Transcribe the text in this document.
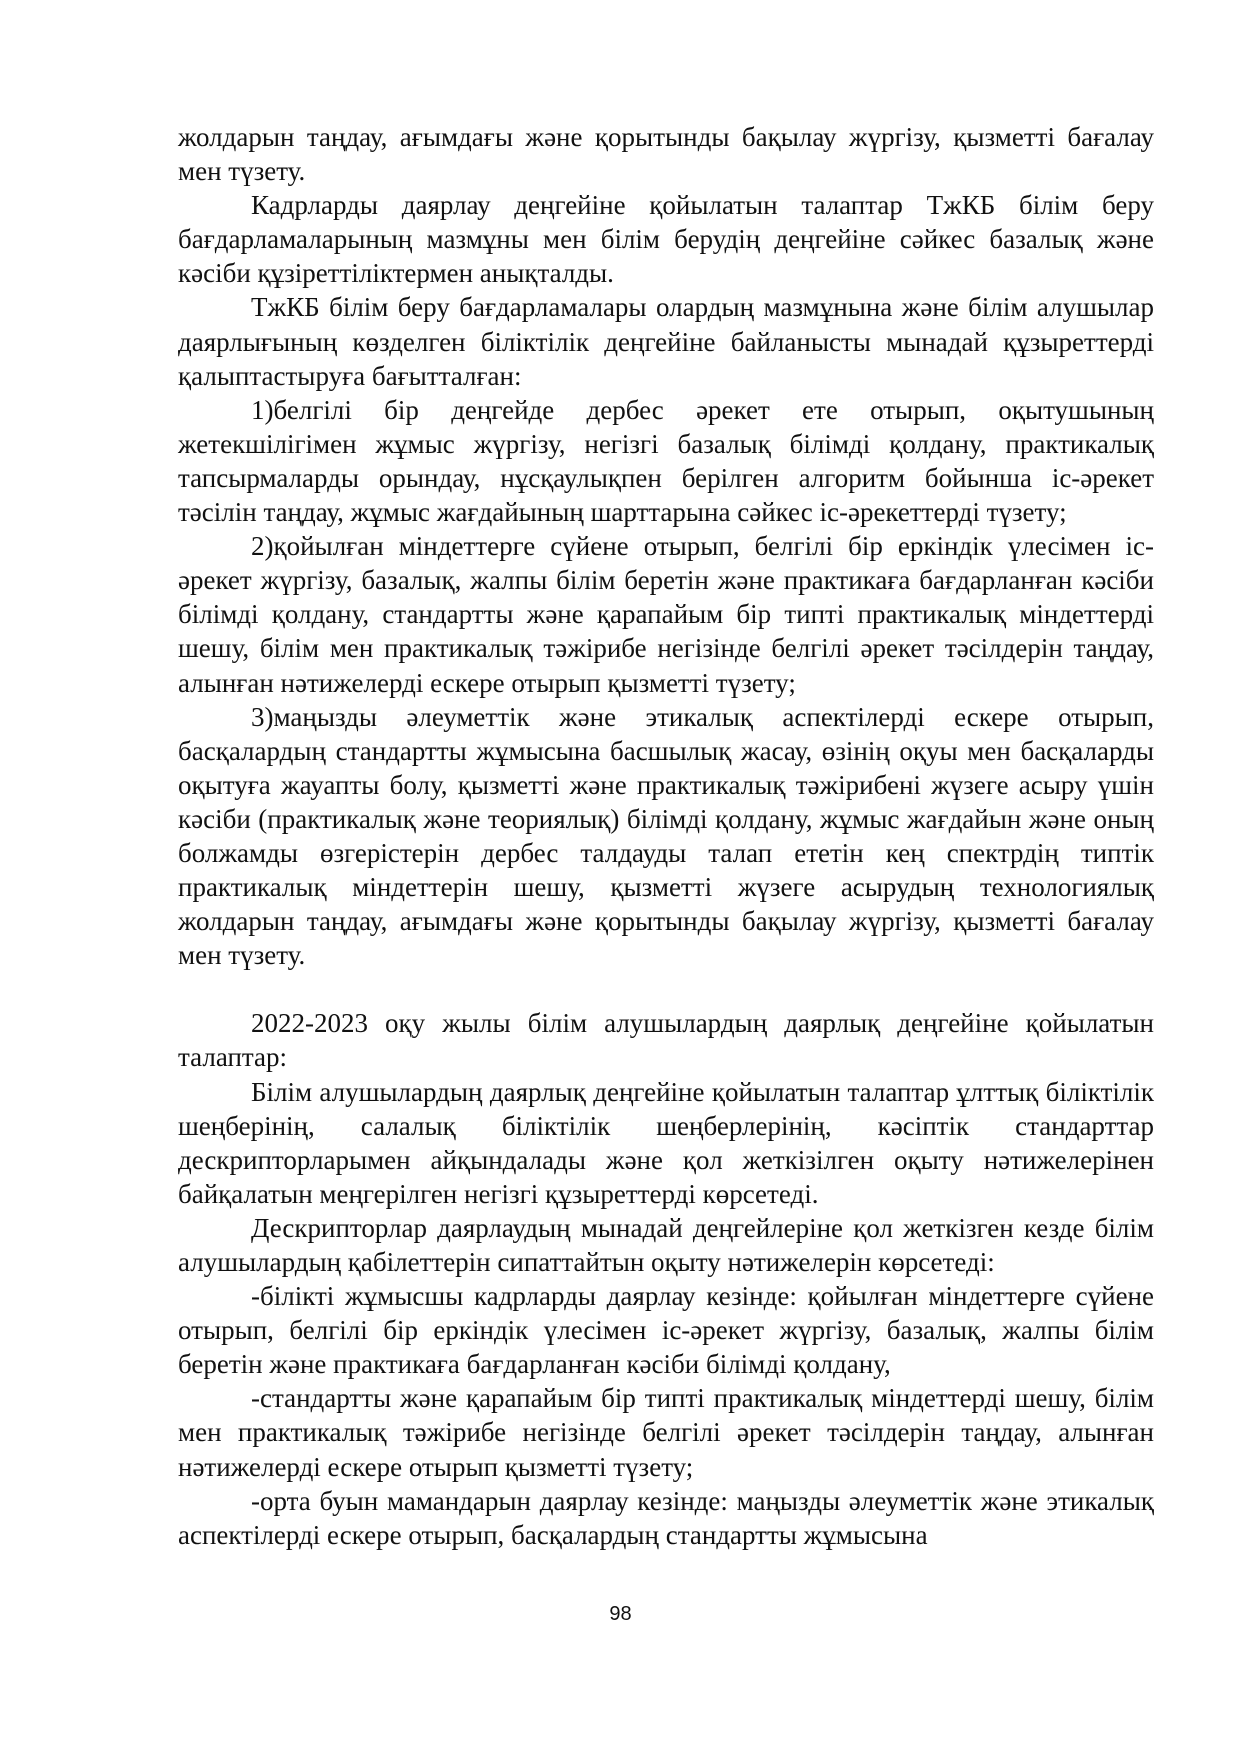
жолдарын таңдау, ағымдағы және қорытынды бақылау жүргізу, қызметті бағалау мен түзету.

Кадрларды даярлау деңгейіне қойылатын талаптар ТжКБ білім беру бағдарламаларының мазмұны мен білім берудің деңгейіне сәйкес базалық және кәсіби құзіреттіліктермен анықталды.

ТжКБ білім беру бағдарламалары олардың мазмұнына және білім алушылар даярлығының көзделген біліктілік деңгейіне байланысты мынадай құзыреттерді қалыптастыруға бағытталған:

1)белгілі бір деңгейде дербес әрекет ете отырып, оқытушының жетекшілігімен жұмыс жүргізу, негізгі базалық білімді қолдану, практикалық тапсырмаларды орындау, нұсқаулықпен берілген алгоритм бойынша іс-әрекет тәсілін таңдау, жұмыс жағдайының шарттарына сәйкес іс-әрекеттерді түзету;

2)қойылған міндеттерге сүйене отырып, белгілі бір еркіндік үлесімен іс-әрекет жүргізу, базалық, жалпы білім беретін және практикаға бағдарланған кәсіби білімді қолдану, стандартты және қарапайым бір типті практикалық міндеттерді шешу, білім мен практикалық тәжірибе негізінде белгілі әрекет тәсілдерін таңдау, алынған нәтижелерді ескере отырып қызметті түзету;

3)маңызды әлеуметтік және этикалық аспектілерді ескере отырып, басқалардың стандартты жұмысына басшылық жасау, өзінің оқуы мен басқаларды оқытуға жауапты болу, қызметті және практикалық тәжірибені жүзеге асыру үшін кәсіби (практикалық және теориялық) білімді қолдану, жұмыс жағдайын және оның болжамды өзгерістерін дербес талдауды талап ететін кең спектрдің типтік практикалық міндеттерін шешу, қызметті жүзеге асырудың технологиялық жолдарын таңдау, ағымдағы және қорытынды бақылау жүргізу, қызметті бағалау мен түзету.

2022-2023 оқу жылы білім алушылардың даярлық деңгейіне қойылатын талаптар:

Білім алушылардың даярлық деңгейіне қойылатын талаптар ұлттық біліктілік шеңберінің, салалық біліктілік шеңберлерінің, кәсіптік стандарттар дескрипторларымен айқындалады және қол жеткізілген оқыту нәтижелерінен байқалатын меңгерілген негізгі құзыреттерді көрсетеді.

Дескрипторлар даярлаудың мынадай деңгейлеріне қол жеткізген кезде білім алушылардың қабілеттерін сипаттайтын оқыту нәтижелерін көрсетеді:

-білікті жұмысшы кадрларды даярлау кезінде: қойылған міндеттерге сүйене отырып, белгілі бір еркіндік үлесімен іс-әрекет жүргізу, базалық, жалпы білім беретін және практикаға бағдарланған кәсіби білімді қолдану,

-стандартты және қарапайым бір типті практикалық міндеттерді шешу, білім мен практикалық тәжірибе негізінде белгілі әрекет тәсілдерін таңдау, алынған нәтижелерді ескере отырып қызметті түзету;

-орта буын мамандарын даярлау кезінде: маңызды әлеуметтік және этикалық аспектілерді ескере отырып, басқалардың стандартты жұмысына

98
